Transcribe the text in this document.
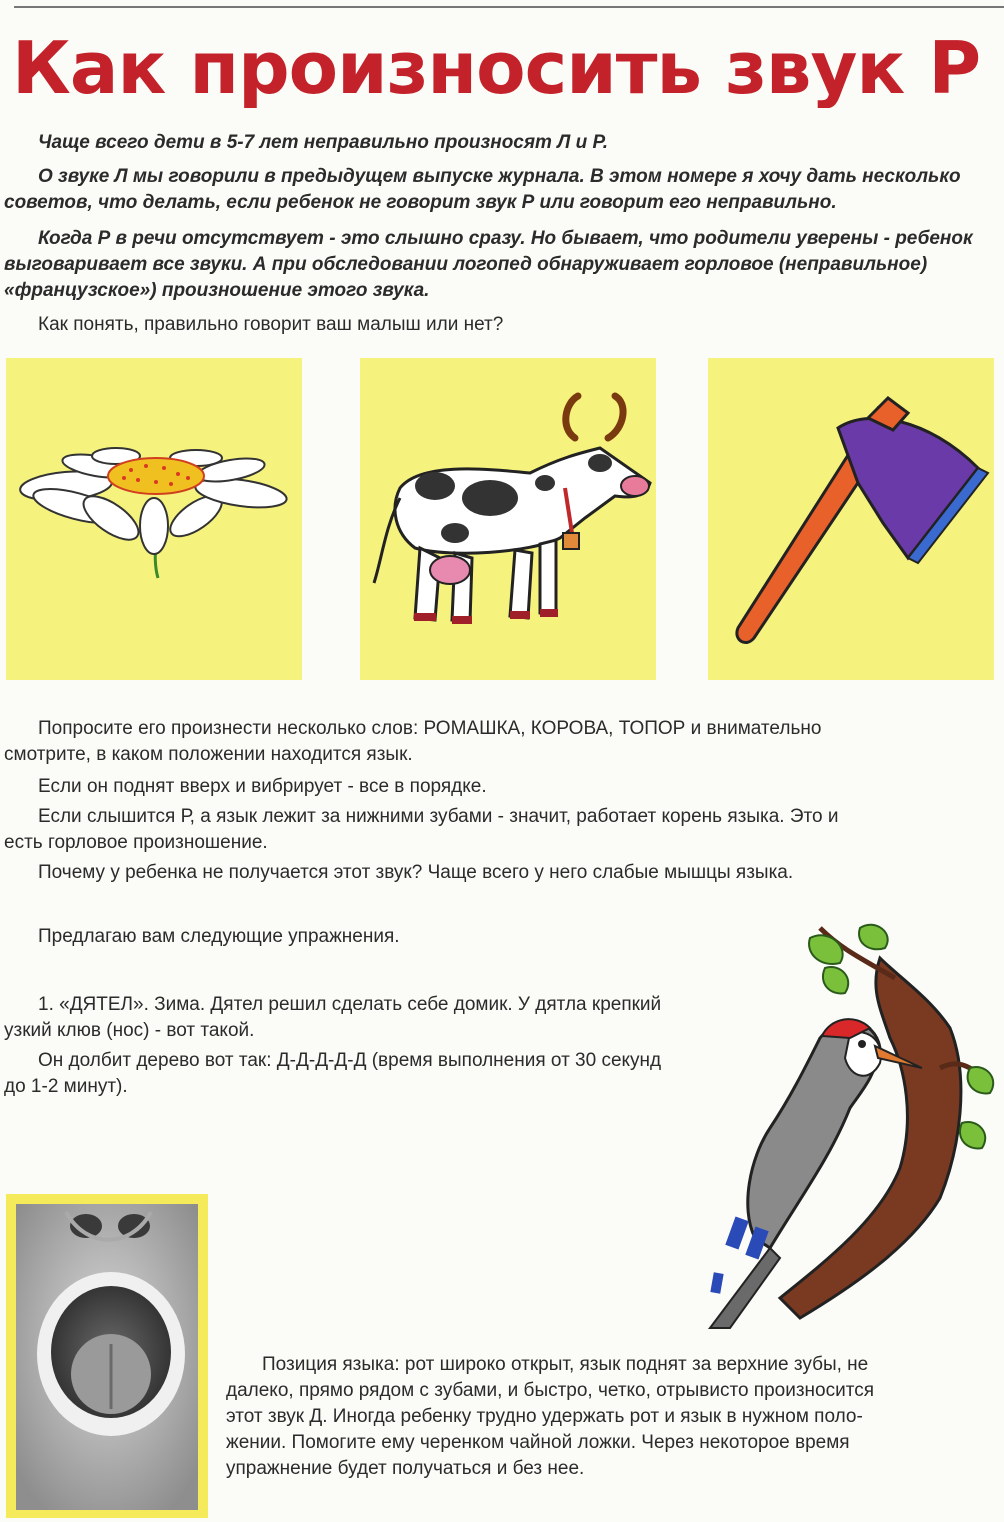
Как произносить звук Р
Чаще всего дети в 5-7 лет неправильно произносят Л и Р.
О звуке Л мы говорили в предыдущем выпуске журнала. В этом номере я хочу дать несколько
советов, что делать, если ребенок не говорит звук Р или говорит его неправильно.
Когда Р в речи отсутствует - это слышно сразу. Но бывает, что родители уверены - ребенок
выговаривает все звуки. А при обследовании логопед обнаруживает горловое (неправильное)
«французское») произношение этого звука.
Как понять, правильно говорит ваш малыш или нет?
Попросите его произнести несколько слов: РОМАШКА, КОРОВА, ТОПОР и внимательно
смотрите, в каком положении находится язык.
Если он поднят вверх и вибрирует - все в порядке.
Если слышится Р, а язык лежит за нижними зубами - значит, работает корень языка. Это и
есть горловое произношение.
Почему у ребенка не получается этот звук? Чаще всего у него слабые мышцы языка.
Предлагаю вам следующие упражнения.
1. «ДЯТЕЛ». Зима. Дятел решил сделать себе домик. У дятла крепкий
узкий клюв (нос) - вот такой.
Он долбит дерево вот так: Д-Д-Д-Д-Д (время выполнения от 30 секунд
до 1-2 минут).
Позиция языка: рот широко открыт, язык поднят за верхние зубы, не
далеко, прямо рядом с зубами, и быстро, четко, отрывисто произносится
этот звук Д. Иногда ребенку трудно удержать рот и язык в нужном поло-
жении. Помогите ему черенком чайной ложки. Через некоторое время
упражнение будет получаться и без нее.
